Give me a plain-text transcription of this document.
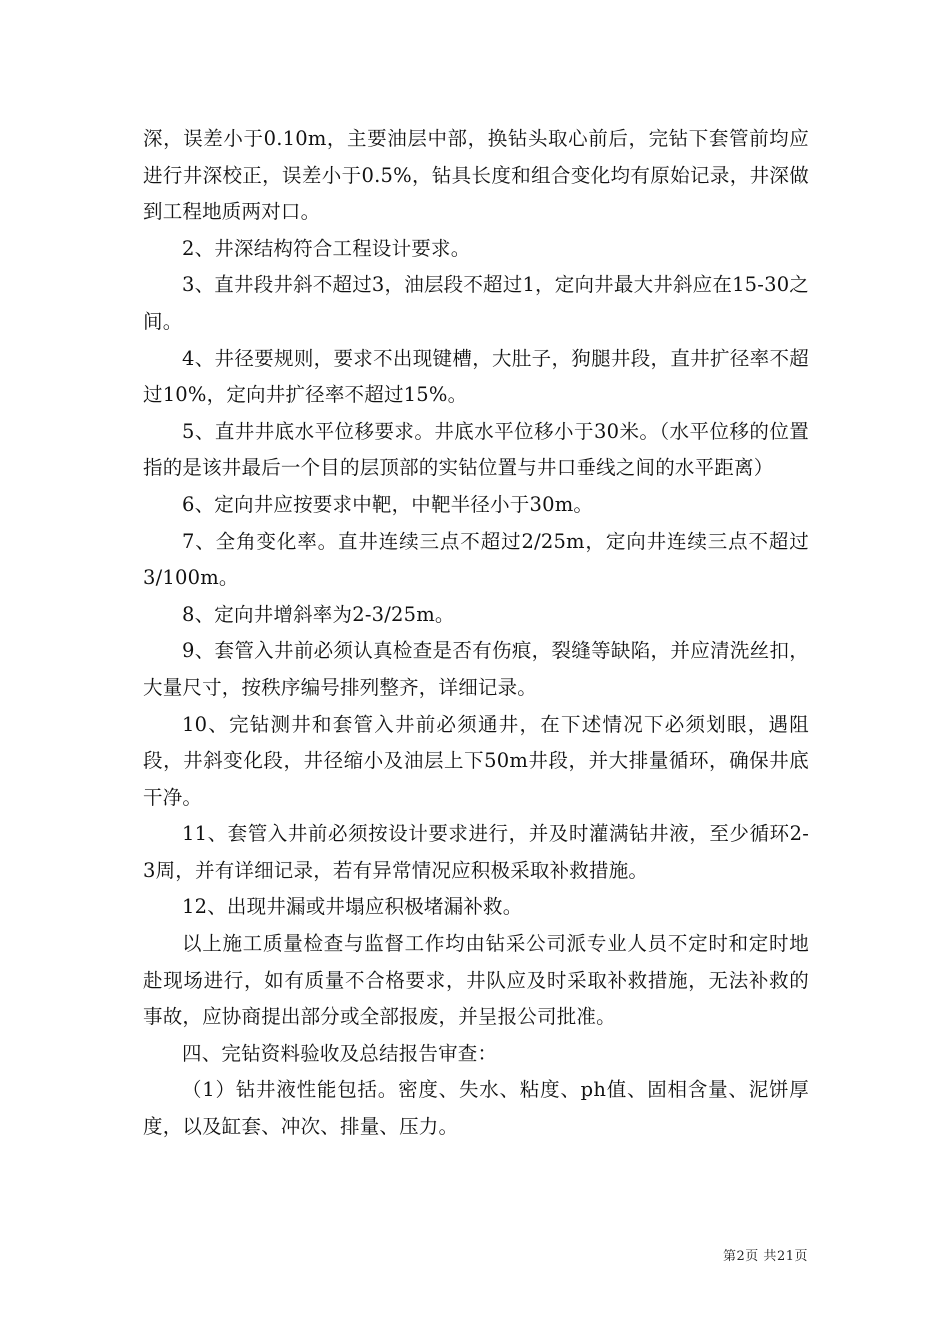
深，误差小于0.10m，主要油层中部，换钻头取心前后，完钻下套管前均应进行井深校正，误差小于0.5%，钻具长度和组合变化均有原始记录，井深做到工程地质两对口。

2、井深结构符合工程设计要求。

3、直井段井斜不超过3，油层段不超过1，定向井最大井斜应在15-30之间。

4、井径要规则，要求不出现键槽，大肚子，狗腿井段，直井扩径率不超过10%，定向井扩径率不超过15%。

5、直井井底水平位移要求。井底水平位移小于30米。（水平位移的位置指的是该井最后一个目的层顶部的实钻位置与井口垂线之间的水平距离）

6、定向井应按要求中靶，中靶半径小于30m。

7、全角变化率。直井连续三点不超过2/25m，定向井连续三点不超过3/100m。

8、定向井增斜率为2-3/25m。

9、套管入井前必须认真检查是否有伤痕，裂缝等缺陷，并应清洗丝扣，大量尺寸，按秩序编号排列整齐，详细记录。

10、完钻测井和套管入井前必须通井，在下述情况下必须划眼，遇阻段，井斜变化段，井径缩小及油层上下50m井段，并大排量循环，确保井底干净。

11、套管入井前必须按设计要求进行，并及时灌满钻井液，至少循环2-3周，并有详细记录，若有异常情况应积极采取补救措施。

12、出现井漏或井塌应积极堵漏补救。

以上施工质量检查与监督工作均由钻采公司派专业人员不定时和定时地赴现场进行，如有质量不合格要求，井队应及时采取补救措施，无法补救的事故，应协商提出部分或全部报废，并呈报公司批准。

四、完钻资料验收及总结报告审查：

（1）钻井液性能包括。密度、失水、粘度、ph值、固相含量、泥饼厚度，以及缸套、冲次、排量、压力。

第2页 共21页
